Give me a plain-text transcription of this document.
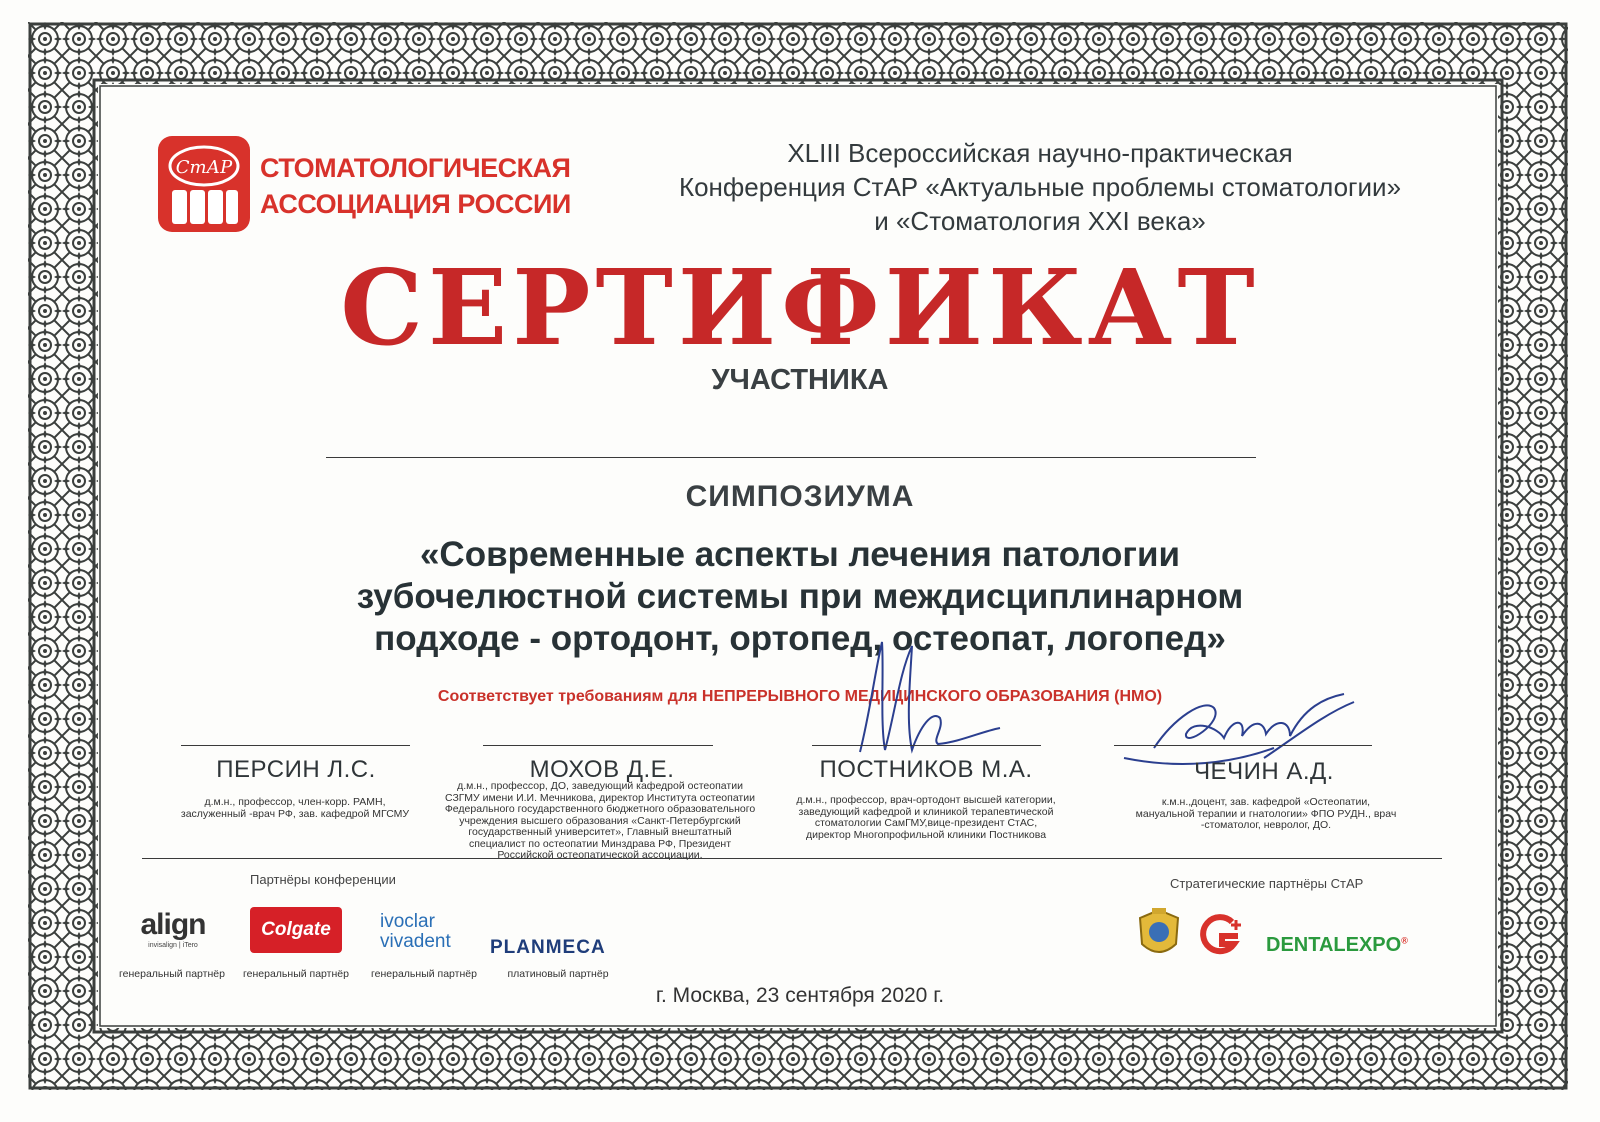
СтАР СТОМАТОЛОГИЧЕСКАЯ
АССОЦИАЦИЯ РОССИИ
XLIII Всероссийская научно-практическая
Конференция СтАР «Актуальные проблемы стоматологии»
и «Стоматология XXI века»
СЕРТИФИКАТ
УЧАСТНИКА
СИМПОЗИУМА
«Современные аспекты лечения патологии
зубочелюстной системы при междисциплинарном
подходе - ортодонт, ортопед, остеопат, логопед»
Соответствует требованиям для НЕПРЕРЫВНОГО МЕДИЦИНСКОГО ОБРАЗОВАНИЯ (НМО)
ПЕРСИН Л.С.	МОХОВ Д.Е.	ПОСТНИКОВ М.А.	ЧЕЧИН А.Д.
д.м.н., профессор, член-корр. РАМН,
заслуженный -врач РФ, зав. кафедрой МГСМУ
д.м.н., профессор, ДО, заведующий кафедрой остеопатии
СЗГМУ имени И.И. Мечникова, директор Института остеопатии
Федерального государственного бюджетного образовательного
учреждения высшего образования «Санкт-Петербургский
государственный университет», Главный внештатный
специалист по остеопатии Минздрава РФ, Президент
Российской остеопатической ассоциации.
д.м.н., профессор, врач-ортодонт высшей категории,
заведующий кафедрой и клиникой терапевтической
стоматологии СамГМУ,вице-президент СтАС,
директор Многопрофильной клиники Постникова
к.м.н.,доцент, зав. кафедрой «Остеопатии,
мануальной терапии и гнатологии» ФПО РУДН., врач
-стоматолог, невролог, ДО.
Партнёры конференции
align
invisalign | iTero
Colgate	ivoclar
vivadent	PLANMECA
генеральный партнёр	генеральный партнёр	генеральный партнёр	платиновый партнёр
Стратегические партнёры СтАР
DENTALEXPO®
г. Москва, 23 сентября 2020 г.
